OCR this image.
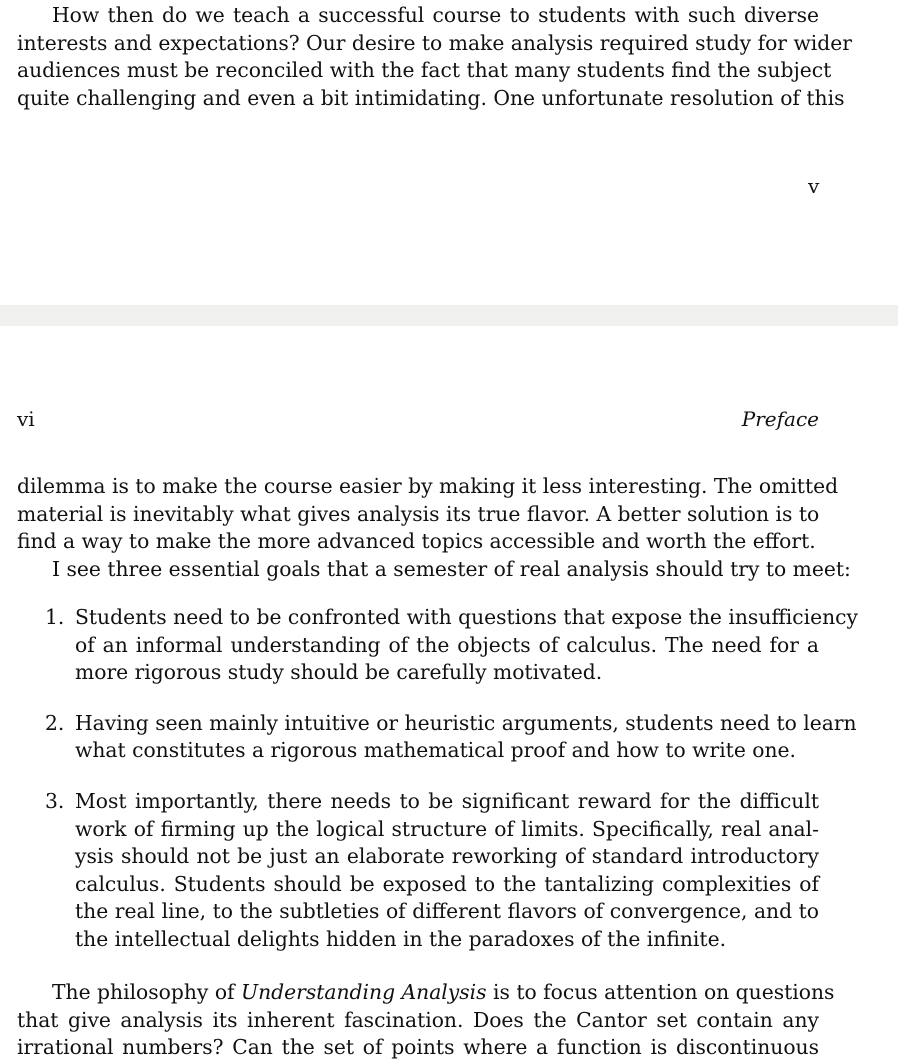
How then do we teach a successful course to students with such diverse
interests and expectations? Our desire to make analysis required study for wider
audiences must be reconciled with the fact that many students find the subject
quite challenging and even a bit intimidating. One unfortunate resolution of this
v
vi	Preface
dilemma is to make the course easier by making it less interesting. The omitted
material is inevitably what gives analysis its true flavor. A better solution is to
find a way to make the more advanced topics accessible and worth the effort.
I see three essential goals that a semester of real analysis should try to meet:
1. Students need to be confronted with questions that expose the insufficiency
of an informal understanding of the objects of calculus. The need for a
more rigorous study should be carefully motivated.
2. Having seen mainly intuitive or heuristic arguments, students need to learn
what constitutes a rigorous mathematical proof and how to write one.
3. Most importantly, there needs to be significant reward for the difficult
work of firming up the logical structure of limits. Specifically, real anal-
ysis should not be just an elaborate reworking of standard introductory
calculus. Students should be exposed to the tantalizing complexities of
the real line, to the subtleties of different flavors of convergence, and to
the intellectual delights hidden in the paradoxes of the infinite.
The philosophy of Understanding Analysis is to focus attention on questions
that give analysis its inherent fascination. Does the Cantor set contain any
irrational numbers? Can the set of points where a function is discontinuous
